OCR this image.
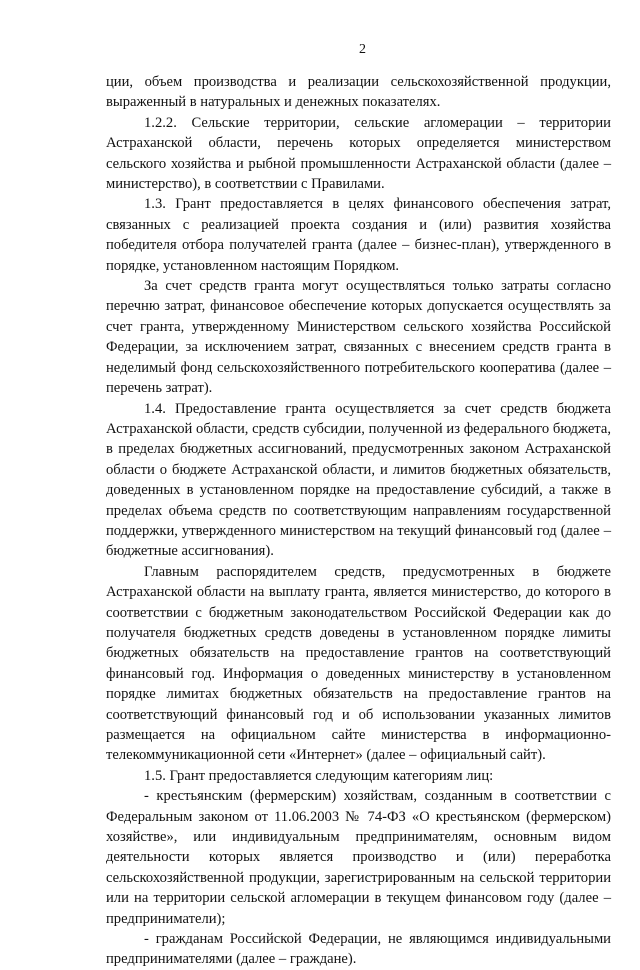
2

ции, объем производства и реализации сельскохозяйственной продукции, выраженный в натуральных и денежных показателях.

1.2.2. Сельские территории, сельские агломерации – территории Астраханской области, перечень которых определяется министерством сельского хозяйства и рыбной промышленности Астраханской области (далее – министерство), в соответствии с Правилами.

1.3. Грант предоставляется в целях финансового обеспечения затрат, связанных с реализацией проекта создания и (или) развития хозяйства победителя отбора получателей гранта (далее – бизнес-план), утвержденного в порядке, установленном настоящим Порядком.

За счет средств гранта могут осуществляться только затраты согласно перечню затрат, финансовое обеспечение которых допускается осуществлять за счет гранта, утвержденному Министерством сельского хозяйства Российской Федерации, за исключением затрат, связанных с внесением средств гранта в неделимый фонд сельскохозяйственного потребительского кооператива (далее – перечень затрат).

1.4. Предоставление гранта осуществляется за счет средств бюджета Астраханской области, средств субсидии, полученной из федерального бюджета, в пределах бюджетных ассигнований, предусмотренных законом Астраханской области о бюджете Астраханской области, и лимитов бюджетных обязательств, доведенных в установленном порядке на предоставление субсидий, а также в пределах объема средств по соответствующим направлениям государственной поддержки, утвержденного министерством на текущий финансовый год (далее – бюджетные ассигнования).

Главным распорядителем средств, предусмотренных в бюджете Астраханской области на выплату гранта, является министерство, до которого в соответствии с бюджетным законодательством Российской Федерации как до получателя бюджетных средств доведены в установленном порядке лимиты бюджетных обязательств на предоставление грантов на соответствующий финансовый год. Информация о доведенных министерству в установленном порядке лимитах бюджетных обязательств на предоставление грантов на соответствующий финансовый год и об использовании указанных лимитов размещается на официальном сайте министерства в информационно-телекоммуникационной сети «Интернет» (далее – официальный сайт).

1.5. Грант предоставляется следующим категориям лиц:

- крестьянским (фермерским) хозяйствам, созданным в соответствии с Федеральным законом от 11.06.2003 № 74-ФЗ «О крестьянском (фермерском) хозяйстве», или индивидуальным предпринимателям, основным видом деятельности которых является производство и (или) переработка сельскохозяйственной продукции, зарегистрированным на сельской территории или на территории сельской агломерации в текущем финансовом году (далее – предприниматели);

- гражданам Российской Федерации, не являющимся индивидуальными предпринимателями (далее – граждане).
